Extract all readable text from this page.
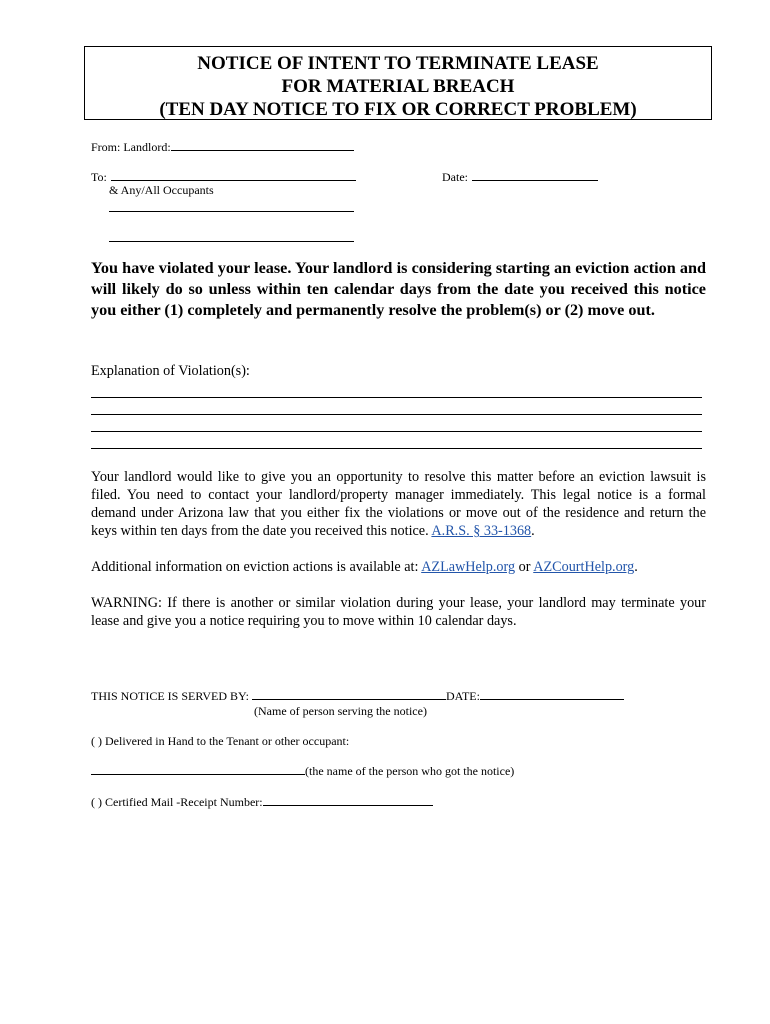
NOTICE OF INTENT TO TERMINATE LEASE
FOR MATERIAL BREACH
(TEN DAY NOTICE TO FIX OR CORRECT PROBLEM)
From: Landlord:
To:	Date:
& Any/All Occupants
You have violated your lease. Your landlord is considering starting an eviction action and will likely do so unless within ten calendar days from the date you received this notice you either (1) completely and permanently resolve the problem(s) or (2) move out.
Explanation of Violation(s):
Your landlord would like to give you an opportunity to resolve this matter before an eviction lawsuit is filed. You need to contact your landlord/property manager immediately. This legal notice is a formal demand under Arizona law that you either fix the violations or move out of the residence and return the keys within ten days from the date you received this notice. A.R.S. § 33-1368.
Additional information on eviction actions is available at: AZLawHelp.org or AZCourtHelp.org.
WARNING: If there is another or similar violation during your lease, your landlord may terminate your lease and give you a notice requiring you to move within 10 calendar days.
THIS NOTICE IS SERVED BY:	DATE:
(Name of person serving the notice)
( ) Delivered in Hand to the Tenant or other occupant:
(the name of the person who got the notice)
( ) Certified Mail -Receipt Number:
